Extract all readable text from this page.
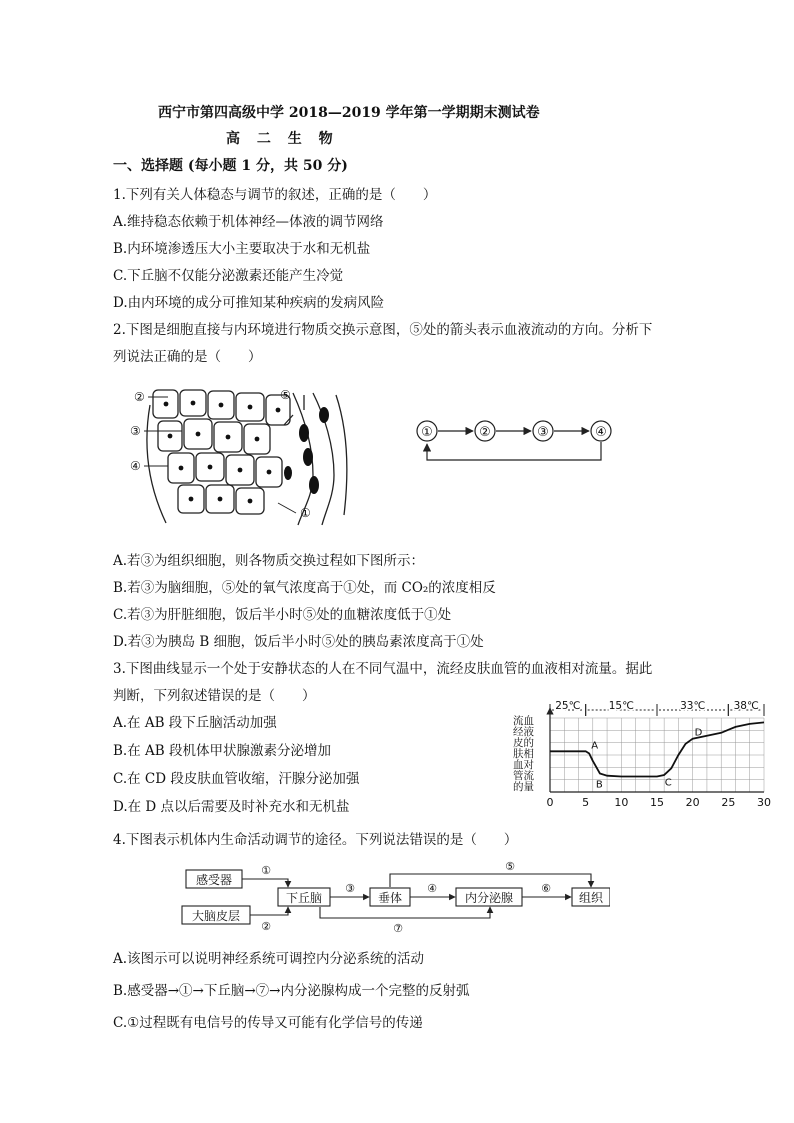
西宁市第四高级中学 2018—2019 学年第一学期期末测试卷
高 二 生 物
一、选择题 (每小题 1 分，共 50 分)
1.下列有关人体稳态与调节的叙述，正确的是（　　）
A.维持稳态依赖于机体神经—体液的调节网络
B.内环境渗透压大小主要取决于水和无机盐
C.下丘脑不仅能分泌激素还能产生冷觉
D.由内环境的成分可推知某种疾病的发病风险
2.下图是细胞直接与内环境进行物质交换示意图，⑤处的箭头表示血液流动的方向。分析下
列说法正确的是（　　）
②
③
④
⑤
①
①	②	③	④
A.若③为组织细胞，则各物质交换过程如下图所示：
B.若③为脑细胞，⑤处的氧气浓度高于①处，而 CO₂的浓度相反
C.若③为肝脏细胞，饭后半小时⑤处的血糖浓度低于①处
D.若③为胰岛 B 细胞，饭后半小时⑤处的胰岛素浓度高于①处
3.下图曲线显示一个处于安静状态的人在不同气温中，流经皮肤血管的血液相对流量。据此
判断，下列叙述错误的是（　　）
A.在 AB 段下丘脑活动加强
B.在 AB 段机体甲状腺激素分泌增加
C.在 CD 段皮肤血管收缩，汗腺分泌加强
D.在 D 点以后需要及时补充水和无机盐
流血经液皮的 肤相血对管流 的量
25℃	15℃	33℃	38℃
0	5 10 15 20 25 30
A
B	C
D
4.下图表示机体内生命活动调节的途径。下列说法错误的是（　　）
感受器
大脑皮层
下丘脑	垂体	内分泌腺	组织
①
②
③	④
⑤
⑥
⑦
A.该图示可以说明神经系统可调控内分泌系统的活动
B.感受器→①→下丘脑→⑦→内分泌腺构成一个完整的反射弧
C.①过程既有电信号的传导又可能有化学信号的传递
